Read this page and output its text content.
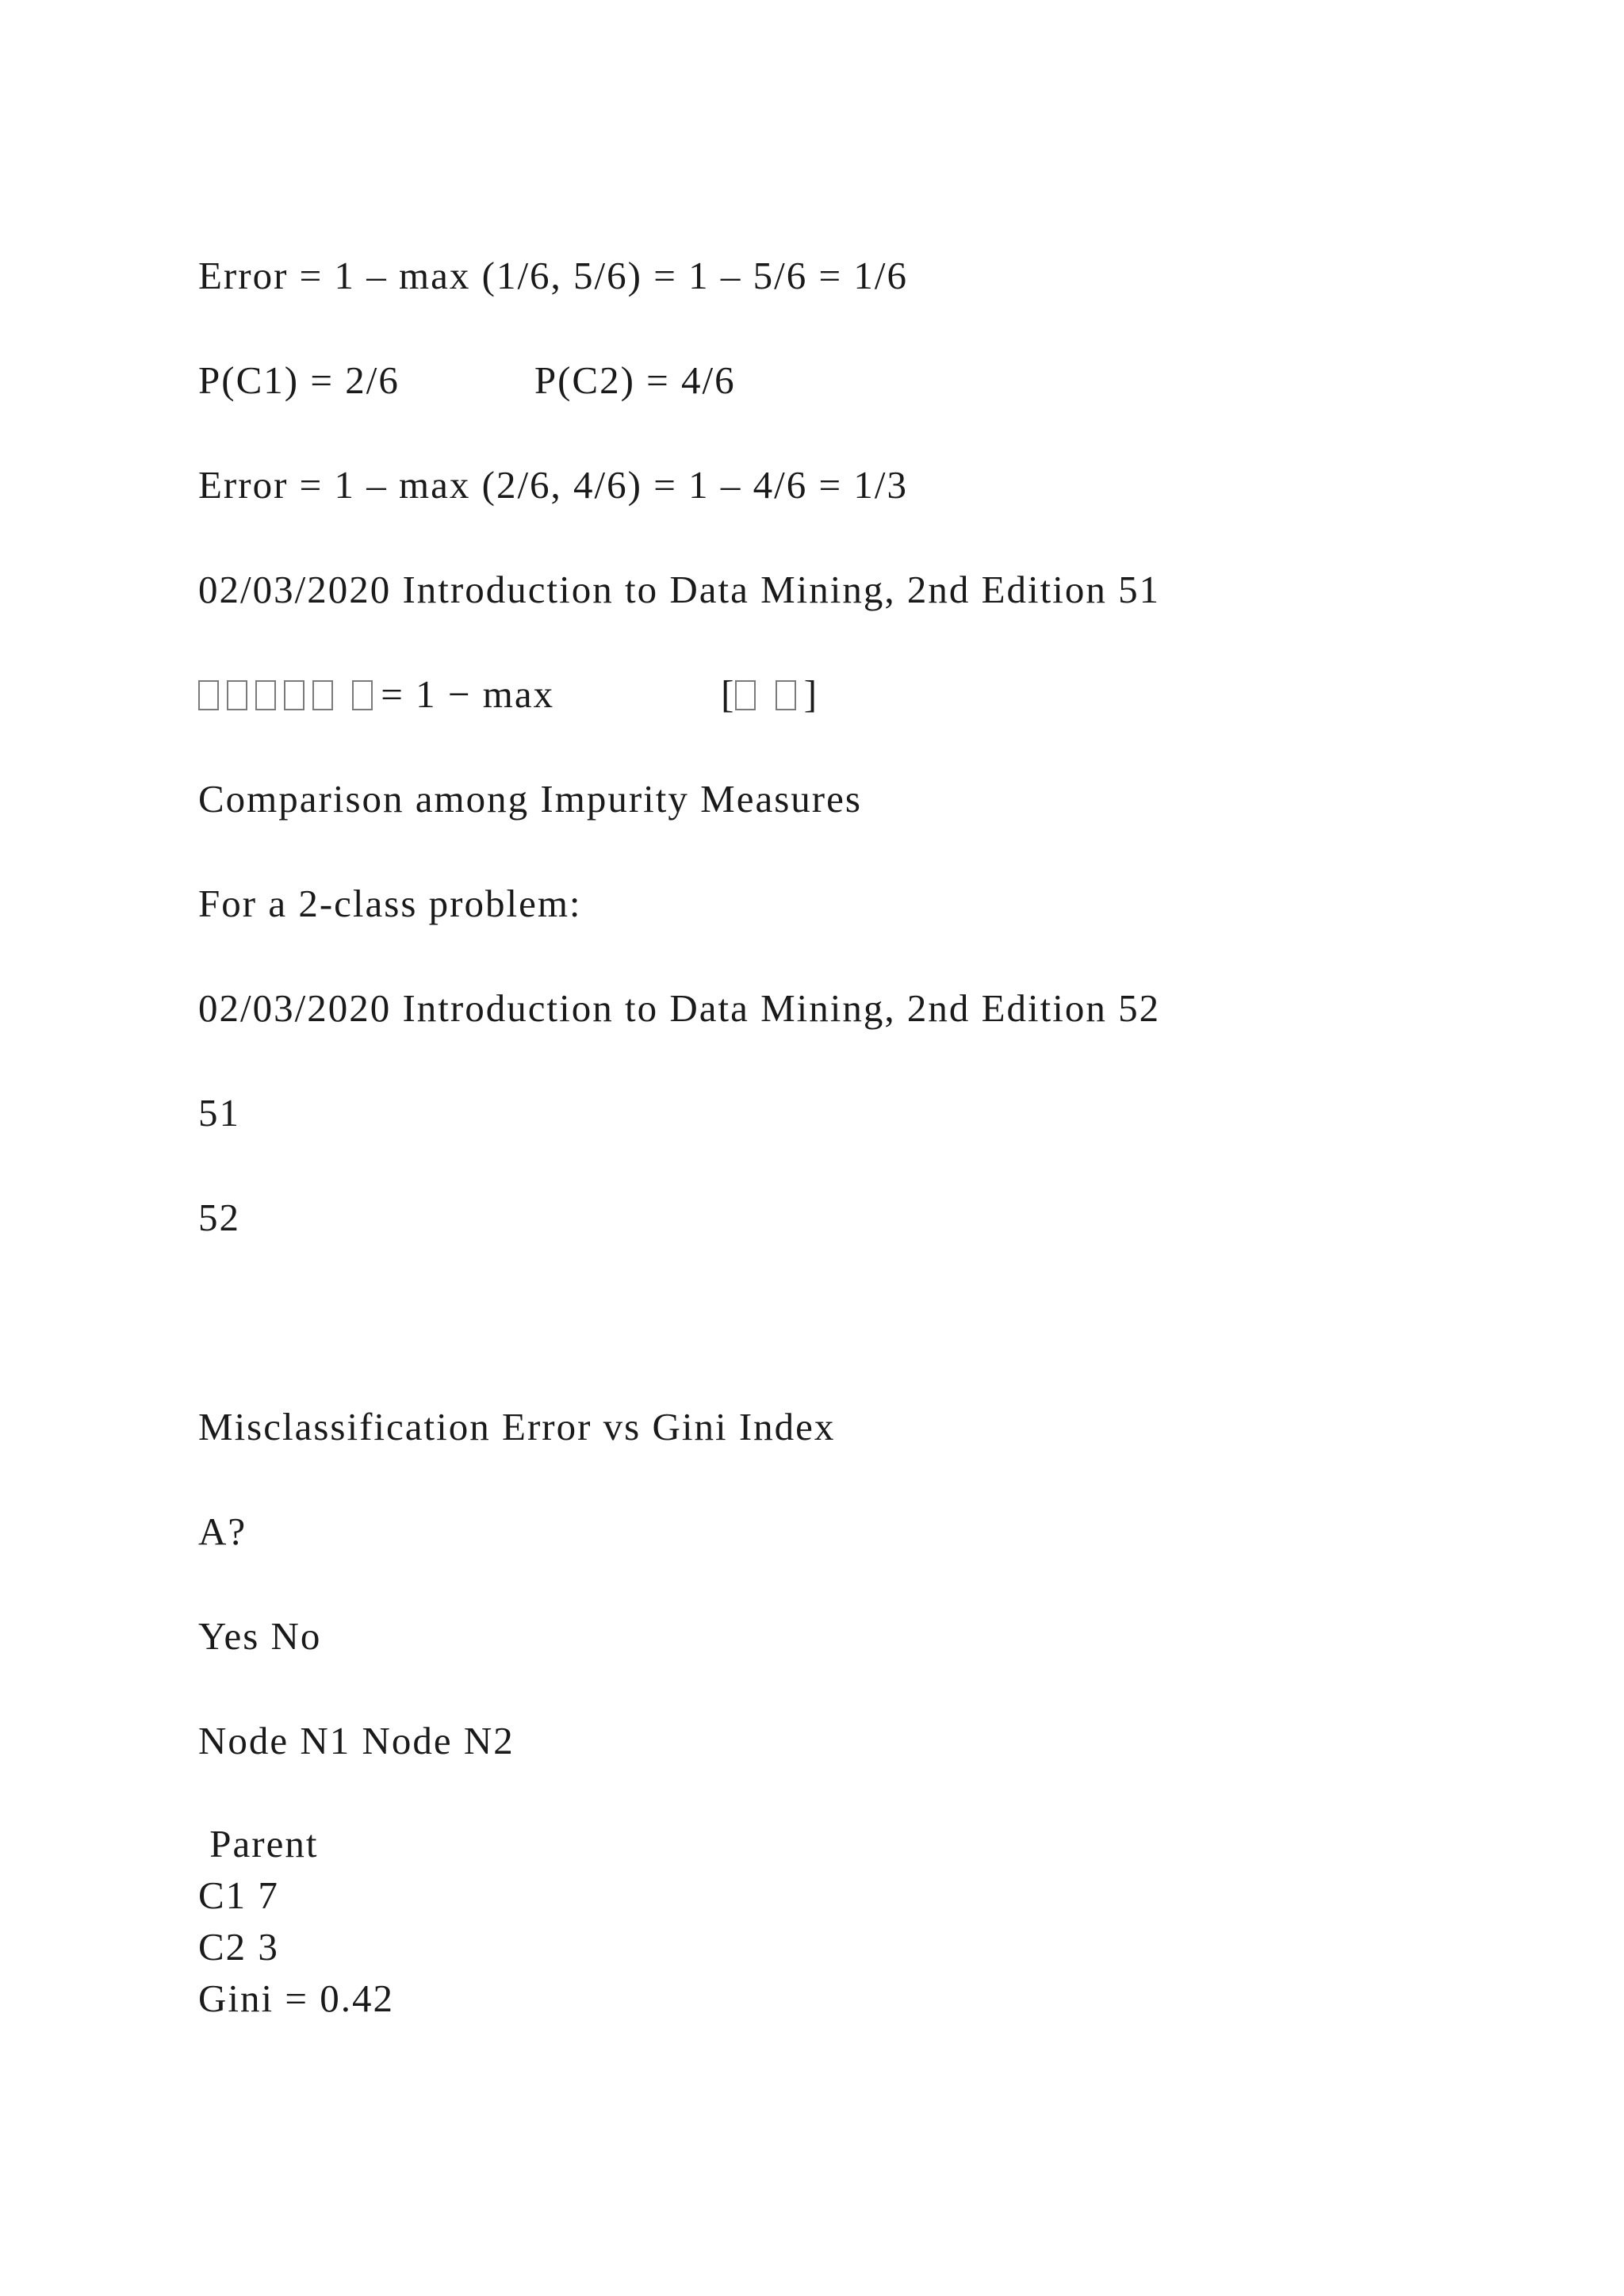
Error = 1 – max (1/6, 5/6) = 1 – 5/6 = 1/6
P(C1) = 2/6	P(C2) = 4/6
Error = 1 – max (2/6, 4/6) = 1 – 4/6 = 1/3
02/03/2020 Introduction to Data Mining, 2nd Edition 51
= 1 − max	[ ]
Comparison among Impurity Measures
For a 2-class problem:
02/03/2020 Introduction to Data Mining, 2nd Edition 52
51
52
Misclassification Error vs Gini Index
A?
Yes No
Node N1 Node N2
Parent
C1 7
C2 3
Gini = 0.42
